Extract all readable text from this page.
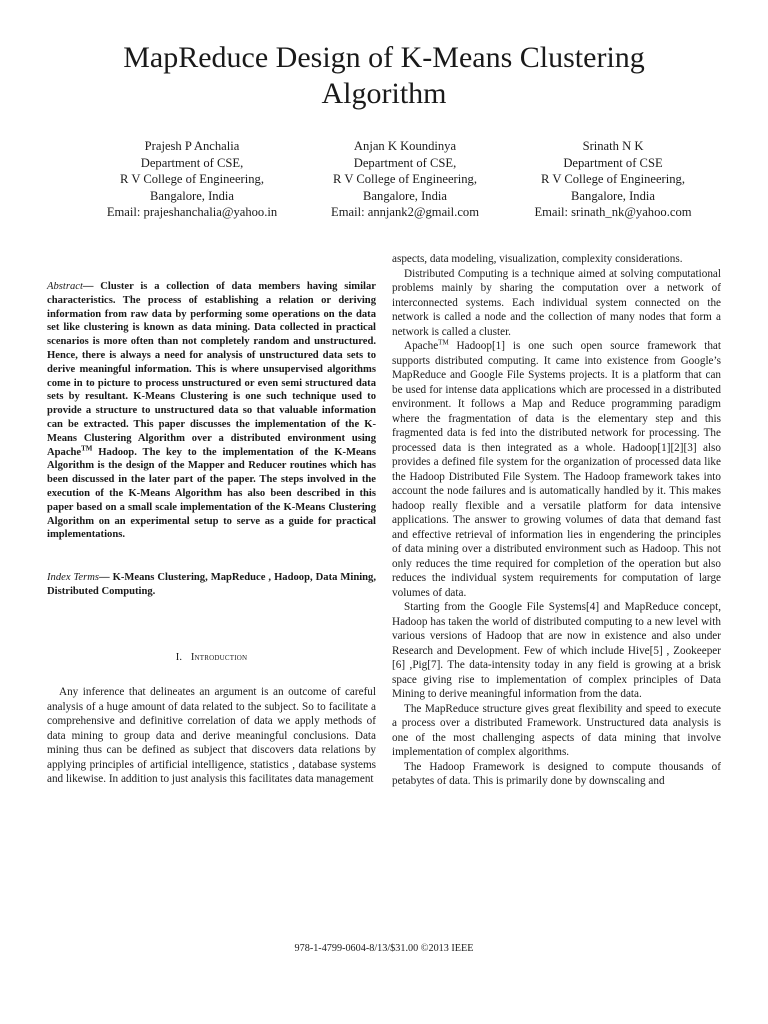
MapReduce Design of K-Means Clustering Algorithm
Prajesh P Anchalia
Department of CSE,
R V College of Engineering,
Bangalore, India
Email: prajeshanchalia@yahoo.in
Anjan K Koundinya
Department of CSE,
R V College of Engineering,
Bangalore, India
Email: annjank2@gmail.com
Srinath N K
Department of CSE
R V College of Engineering,
Bangalore, India
Email: srinath_nk@yahoo.com

Abstract— Cluster is a collection of data members having similar characteristics. The process of establishing a relation or deriving information from raw data by performing some operations on the data set like clustering is known as data mining. Data collected in practical scenarios is more often than not completely random and unstructured. Hence, there is always a need for analysis of unstructured data sets to derive meaningful information. This is where unsupervised algorithms come in to picture to process unstructured or even semi structured data sets by resultant. K-Means Clustering is one such technique used to provide a structure to unstructured data so that valuable information can be extracted. This paper discusses the implementation of the K-Means Clustering Algorithm over a distributed environment using Apache™ Hadoop. The key to the implementation of the K-Means Algorithm is the design of the Mapper and Reducer routines which has been discussed in the later part of the paper. The steps involved in the execution of the K-Means Algorithm has also been described in this paper based on a small scale implementation of the K-Means Clustering Algorithm on an experimental setup to serve as a guide for practical implementations.

Index Terms— K-Means Clustering, MapReduce , Hadoop, Data Mining, Distributed Computing.

I. Introduction

Any inference that delineates an argument is an outcome of careful analysis of a huge amount of data related to the subject. So to facilitate a comprehensive and definitive correlation of data we apply methods of data mining to group data and derive meaningful conclusions. Data mining thus can be defined as subject that discovers data relations by applying principles of artificial intelligence, statistics , database systems and likewise. In addition to just analysis this facilitates data management

aspects, data modeling, visualization, complexity considerations.

Distributed Computing is a technique aimed at solving computational problems mainly by sharing the computation over a network of interconnected systems. Each individual system connected on the network is called a node and the collection of many nodes that form a network is called a cluster.

Apache™ Hadoop[1] is one such open source framework that supports distributed computing. It came into existence from Google’s MapReduce and Google File Systems projects. It is a platform that can be used for intense data applications which are processed in a distributed environment. It follows a Map and Reduce programming paradigm where the fragmentation of data is the elementary step and this fragmented data is fed into the distributed network for processing. The processed data is then integrated as a whole. Hadoop[1][2][3] also provides a defined file system for the organization of processed data like the Hadoop Distributed File System. The Hadoop framework takes into account the node failures and is automatically handled by it. This makes hadoop really flexible and a versatile platform for data intensive applications. The answer to growing volumes of data that demand fast and effective retrieval of information lies in engendering the principles of data mining over a distributed environment such as Hadoop. This not only reduces the time required for completion of the operation but also reduces the individual system requirements for computation of large volumes of data.

Starting from the Google File Systems[4] and MapReduce concept, Hadoop has taken the world of distributed computing to a new level with various versions of Hadoop that are now in existence and also under Research and Development. Few of which include Hive[5] , Zookeeper [6] ,Pig[7]. The data-intensity today in any field is growing at a brisk space giving rise to implementation of complex principles of Data Mining to derive meaningful information from the data.

The MapReduce structure gives great flexibility and speed to execute a process over a distributed Framework. Unstructured data analysis is one of the most challenging aspects of data mining that involve implementation of complex algorithms.

The Hadoop Framework is designed to compute thousands of petabytes of data. This is primarily done by downscaling and

978-1-4799-0604-8/13/$31.00 ©2013 IEEE
